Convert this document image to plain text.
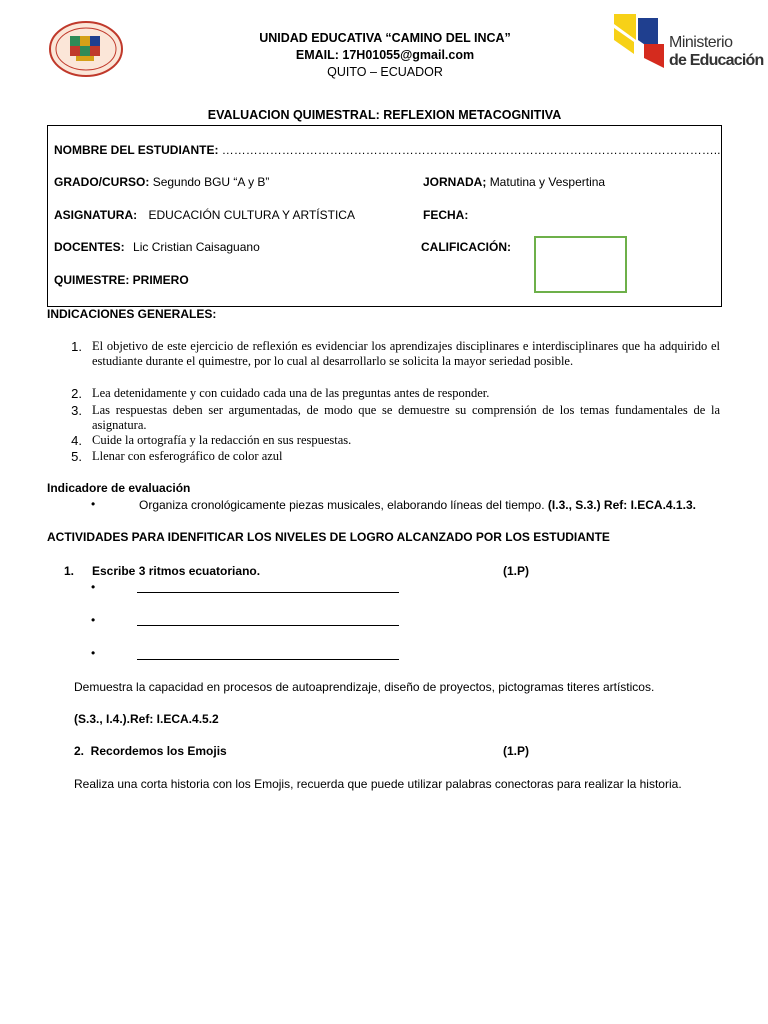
UNIDAD EDUCATIVA “CAMINO DEL INCA”
EMAIL: 17H01055@gmail.com
QUITO – ECUADOR
Ministerio
de Educación
EVALUACION QUIMESTRAL: REFLEXION METACOGNITIVA
NOMBRE DEL ESTUDIANTE: ……………………………………………………………………………………………………………..
GRADO/CURSO: Segundo BGU “A y B”	JORNADA; Matutina y Vespertina
ASIGNATURA: EDUCACIÓN CULTURA Y ARTÍSTICA	FECHA:
DOCENTES: Lic Cristian Caisaguano	CALIFICACIÓN:
QUIMESTRE: PRIMERO
INDICACIONES GENERALES:
1. El objetivo de este ejercicio de reflexión es evidenciar los aprendizajes disciplinares e interdisciplinares que ha adquirido el estudiante durante el quimestre, por lo cual al desarrollarlo se solicita la mayor seriedad posible.
2. Lea detenidamente y con cuidado cada una de las preguntas antes de responder.
3. Las respuestas deben ser argumentadas, de modo que se demuestre su comprensión de los temas fundamentales de la asignatura.
4. Cuide la ortografía y la redacción en sus respuestas.
5. Llenar con esferográfico de color azul
Indicadore de evaluación
•	Organiza cronológicamente piezas musicales, elaborando líneas del tiempo. (I.3., S.3.) Ref: I.ECA.4.1.3.
ACTIVIDADES PARA IDENFITICAR LOS NIVELES DE LOGRO ALCANZADO POR LOS ESTUDIANTE
1. Escribe 3 ritmos ecuatoriano.	(1.P)
•
•
•
Demuestra la capacidad en procesos de autoaprendizaje, diseño de proyectos, pictogramas titeres artísticos.
(S.3., I.4.).Ref: I.ECA.4.5.2
2.  Recordemos los Emojis	(1.P)
Realiza una corta historia con los Emojis, recuerda que puede utilizar palabras conectoras para realizar la historia.
